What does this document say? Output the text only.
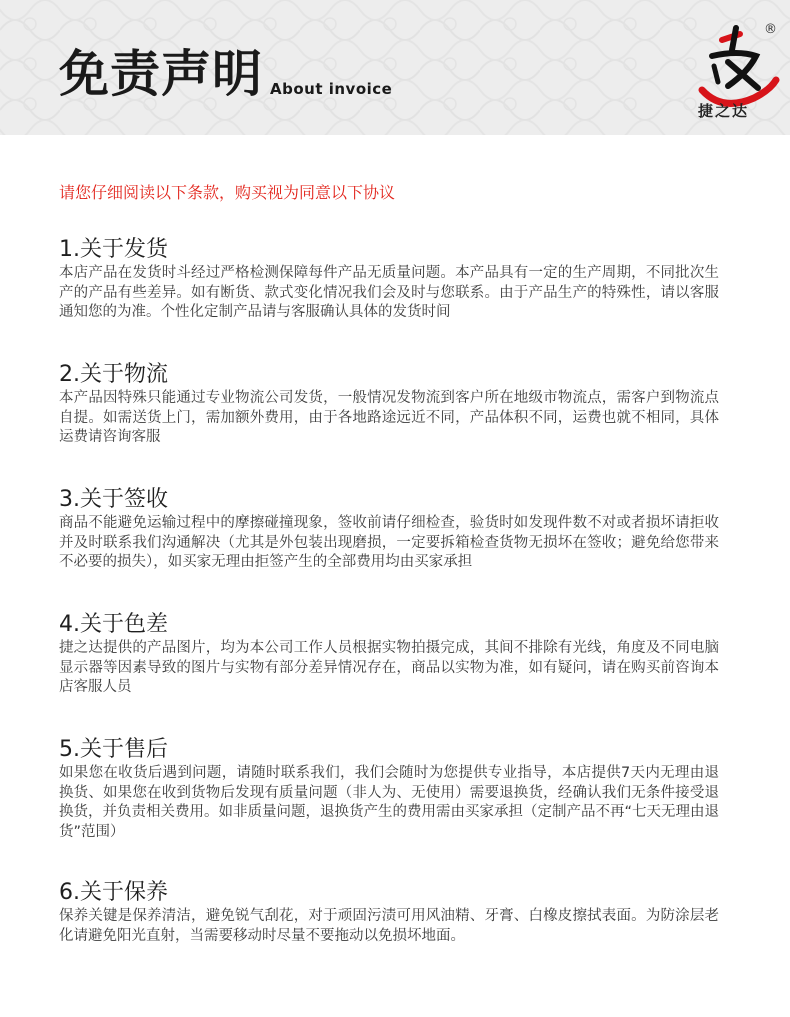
免责声明 About invoice
®
捷之达
请您仔细阅读以下条款，购买视为同意以下协议
1.关于发货

本店产品在发货时斗经过严格检测保障每件产品无质量问题。本产品具有一定的生产周期，不同批次生产的产品有些差异。如有断货、款式变化情况我们会及时与您联系。由于产品生产的特殊性，请以客服通知您的为准。个性化定制产品请与客服确认具体的发货时间

2.关于物流

本产品因特殊只能通过专业物流公司发货，一般情况发物流到客户所在地级市物流点，需客户到物流点自提。如需送货上门，需加额外费用，由于各地路途远近不同，产品体积不同，运费也就不相同，具体运费请咨询客服

3.关于签收

商品不能避免运输过程中的摩擦碰撞现象，签收前请仔细检查，验货时如发现件数不对或者损坏请拒收并及时联系我们沟通解决（尤其是外包装出现磨损，一定要拆箱检查货物无损坏在签收；避免给您带来不必要的损失），如买家无理由拒签产生的全部费用均由买家承担

4.关于色差

捷之达提供的产品图片，均为本公司工作人员根据实物拍摄完成，其间不排除有光线，角度及不同电脑显示器等因素导致的图片与实物有部分差异情况存在，商品以实物为准，如有疑问，请在购买前咨询本店客服人员

5.关于售后

如果您在收货后遇到问题，请随时联系我们，我们会随时为您提供专业指导，本店提供7天内无理由退换货、如果您在收到货物后发现有质量问题（非人为、无使用）需要退换货，经确认我们无条件接受退换货，并负责相关费用。如非质量问题，退换货产生的费用需由买家承担（定制产品不再“七天无理由退货”范围）

6.关于保养

保养关键是保养清洁，避免锐气刮花，对于顽固污渍可用风油精、牙膏、白橡皮擦拭表面。为防涂层老化请避免阳光直射，当需要移动时尽量不要拖动以免损坏地面。
